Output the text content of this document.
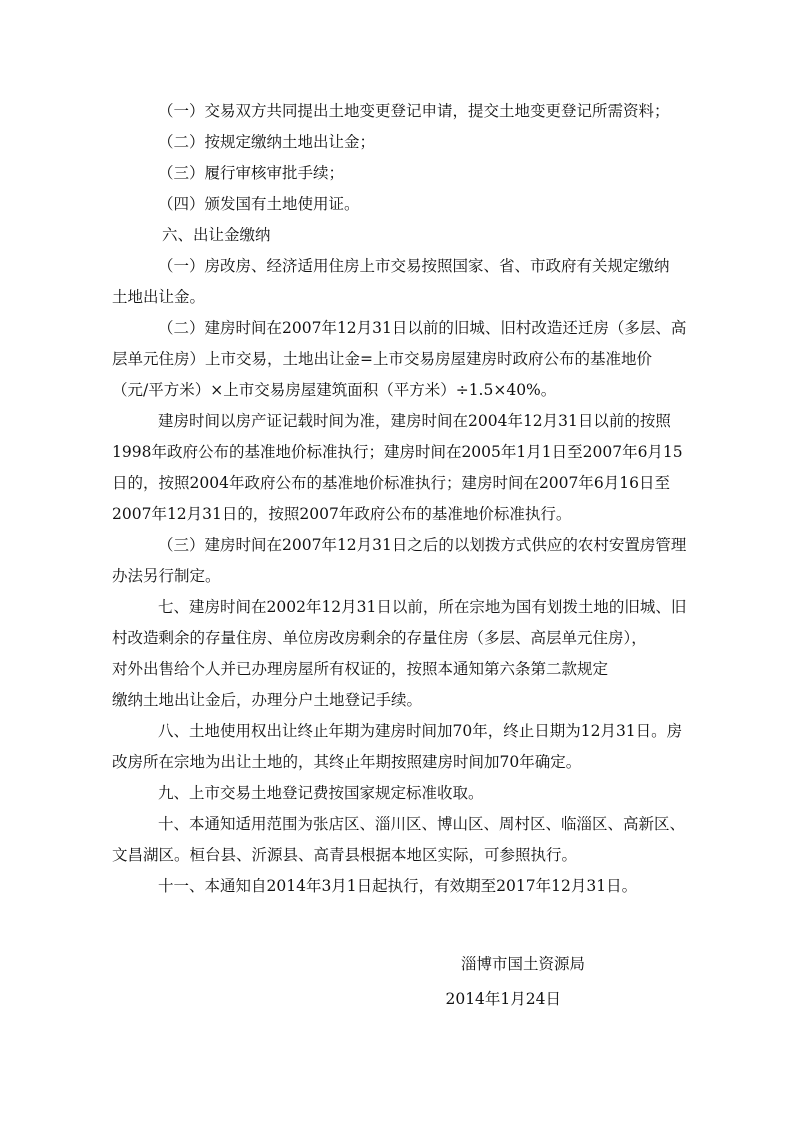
（一）交易双方共同提出土地变更登记申请，提交土地变更登记所需资料；
（二）按规定缴纳土地出让金；
（三）履行审核审批手续；
（四）颁发国有土地使用证。
六、出让金缴纳
（一）房改房、经济适用住房上市交易按照国家、省、市政府有关规定缴纳
土地出让金。
（二）建房时间在2007年12月31日以前的旧城、旧村改造还迁房（多层、高
层单元住房）上市交易，土地出让金=上市交易房屋建房时政府公布的基准地价
（元/平方米）×上市交易房屋建筑面积（平方米）÷1.5×40%。
建房时间以房产证记载时间为准，建房时间在2004年12月31日以前的按照
1998年政府公布的基准地价标准执行；建房时间在2005年1月1日至2007年6月15
日的，按照2004年政府公布的基准地价标准执行；建房时间在2007年6月16日至
2007年12月31日的，按照2007年政府公布的基准地价标准执行。
（三）建房时间在2007年12月31日之后的以划拨方式供应的农村安置房管理
办法另行制定。
七、建房时间在2002年12月31日以前，所在宗地为国有划拨土地的旧城、旧
村改造剩余的存量住房、单位房改房剩余的存量住房（多层、高层单元住房），
对外出售给个人并已办理房屋所有权证的，按照本通知第六条第二款规定
缴纳土地出让金后，办理分户土地登记手续。
八、土地使用权出让终止年期为建房时间加70年，终止日期为12月31日。房
改房所在宗地为出让土地的，其终止年期按照建房时间加70年确定。
九、上市交易土地登记费按国家规定标准收取。
十、本通知适用范围为张店区、淄川区、博山区、周村区、临淄区、高新区、
文昌湖区。桓台县、沂源县、高青县根据本地区实际，可参照执行。
十一、本通知自2014年3月1日起执行，有效期至2017年12月31日。
淄博市国土资源局
2014年1月24日
